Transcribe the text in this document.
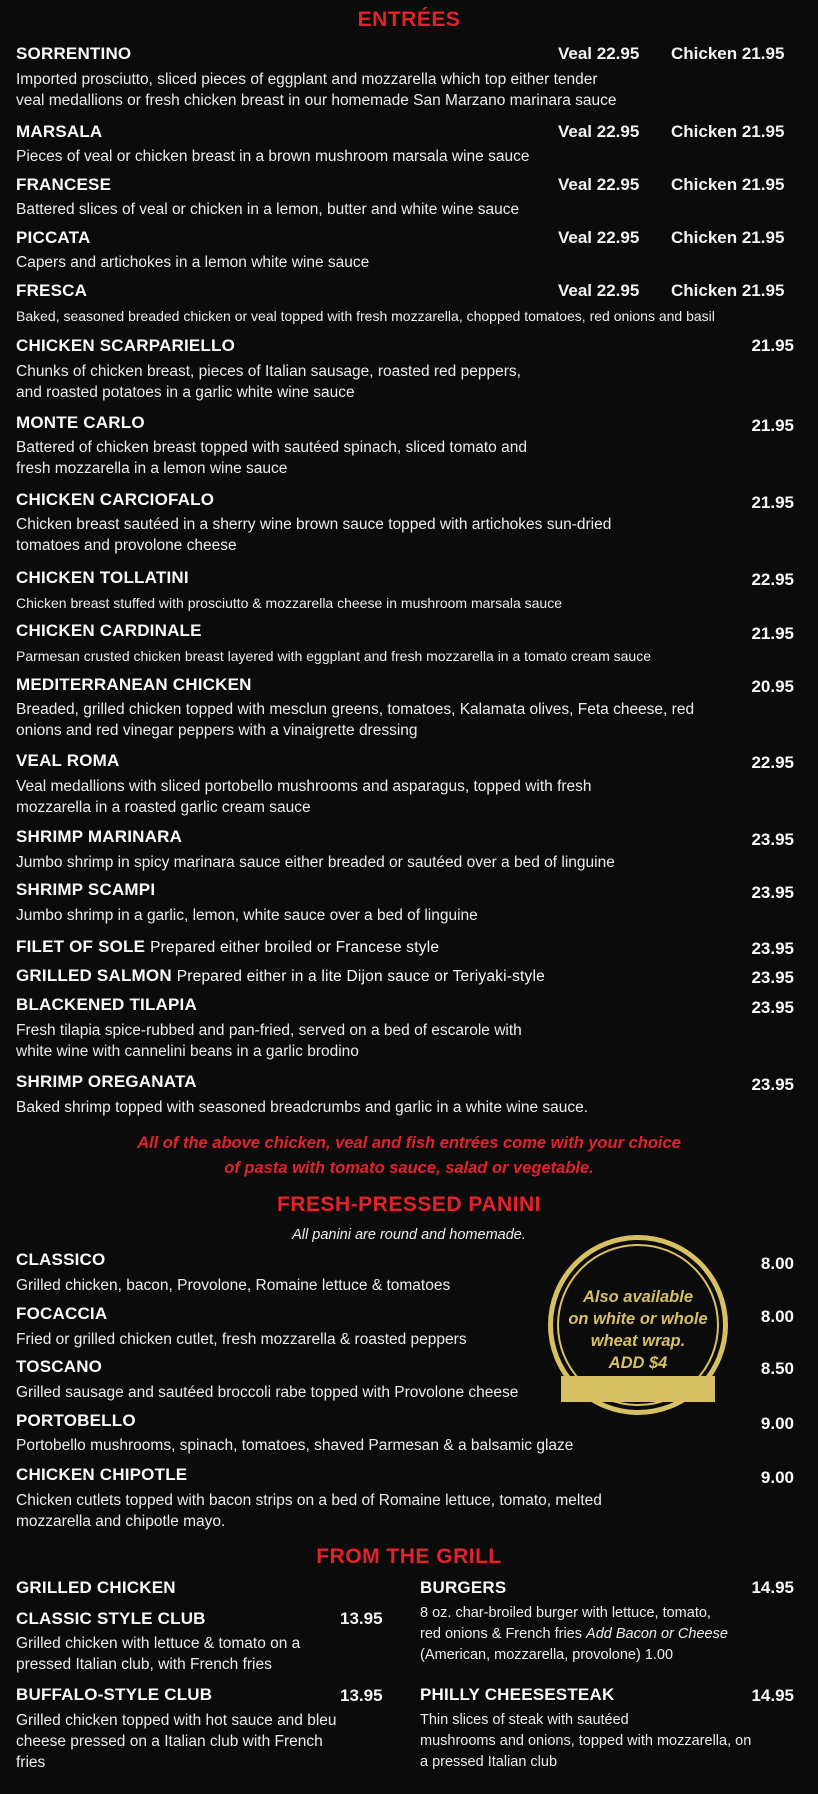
ENTRÉES
SORRENTINO	Veal 22.95 Chicken 21.95
Imported prosciutto, sliced pieces of eggplant and mozzarella which top either tender
veal medallions or fresh chicken breast in our homemade San Marzano marinara sauce
MARSALA	Veal 22.95 Chicken 21.95
Pieces of veal or chicken breast in a brown mushroom marsala wine sauce
FRANCESE	Veal 22.95 Chicken 21.95
Battered slices of veal or chicken in a lemon, butter and white wine sauce
PICCATA	Veal 22.95 Chicken 21.95
Capers and artichokes in a lemon white wine sauce
FRESCA	Veal 22.95 Chicken 21.95
Baked, seasoned breaded chicken or veal topped with fresh mozzarella, chopped tomatoes, red onions and basil
CHICKEN SCARPARIELLO	21.95
Chunks of chicken breast, pieces of Italian sausage, roasted red peppers,
and roasted potatoes in a garlic white wine sauce
MONTE CARLO	21.95
Battered of chicken breast topped with sautéed spinach, sliced tomato and
fresh mozzarella in a lemon wine sauce
CHICKEN CARCIOFALO	21.95
Chicken breast sautéed in a sherry wine brown sauce topped with artichokes sun-dried
tomatoes and provolone cheese
CHICKEN TOLLATINI	22.95
Chicken breast stuffed with prosciutto & mozzarella cheese in mushroom marsala sauce
CHICKEN CARDINALE	21.95
Parmesan crusted chicken breast layered with eggplant and fresh mozzarella in a tomato cream sauce
MEDITERRANEAN CHICKEN	20.95
Breaded, grilled chicken topped with mesclun greens, tomatoes, Kalamata olives, Feta cheese, red
onions and red vinegar peppers with a vinaigrette dressing
VEAL ROMA	22.95
Veal medallions with sliced portobello mushrooms and asparagus, topped with fresh
mozzarella in a roasted garlic cream sauce
SHRIMP MARINARA	23.95
Jumbo shrimp in spicy marinara sauce either breaded or sautéed over a bed of linguine
SHRIMP SCAMPI	23.95
Jumbo shrimp in a garlic, lemon, white sauce over a bed of linguine
FILET OF SOLE Prepared either broiled or Francese style	23.95
GRILLED SALMON Prepared either in a lite Dijon sauce or Teriyaki-style	23.95
BLACKENED TILAPIA	23.95
Fresh tilapia spice-rubbed and pan-fried, served on a bed of escarole with
white wine with cannelini beans in a garlic brodino
SHRIMP OREGANATA	23.95
Baked shrimp topped with seasoned breadcrumbs and garlic in a white wine sauce.
All of the above chicken, veal and fish entrées come with your choice
of pasta with tomato sauce, salad or vegetable.
FRESH-PRESSED PANINI
All panini are round and homemade.
Also available
on white or whole
wheat wrap.
ADD $4
CLASSICO	8.00
Grilled chicken, bacon, Provolone, Romaine lettuce & tomatoes
FOCACCIA	8.00
Fried or grilled chicken cutlet, fresh mozzarella & roasted peppers
TOSCANO	8.50
Grilled sausage and sautéed broccoli rabe topped with Provolone cheese
PORTOBELLO	9.00
Portobello mushrooms, spinach, tomatoes, shaved Parmesan & a balsamic glaze
CHICKEN CHIPOTLE	9.00
Chicken cutlets topped with bacon strips on a bed of Romaine lettuce, tomato, melted
mozzarella and chipotle mayo.
FROM THE GRILL
GRILLED CHICKEN
CLASSIC STYLE CLUB	13.95
Grilled chicken with lettuce & tomato on a
pressed Italian club, with French fries
BUFFALO-STYLE CLUB	13.95
Grilled chicken topped with hot sauce and bleu
cheese pressed on a Italian club with French
fries
BURGERS	14.95
8 oz. char-broiled burger with lettuce, tomato,
red onions & French fries Add Bacon or Cheese
(American, mozzarella, provolone) 1.00
PHILLY CHEESESTEAK	14.95
Thin slices of steak with sautéed
mushrooms and onions, topped with mozzarella, on
a pressed Italian club
